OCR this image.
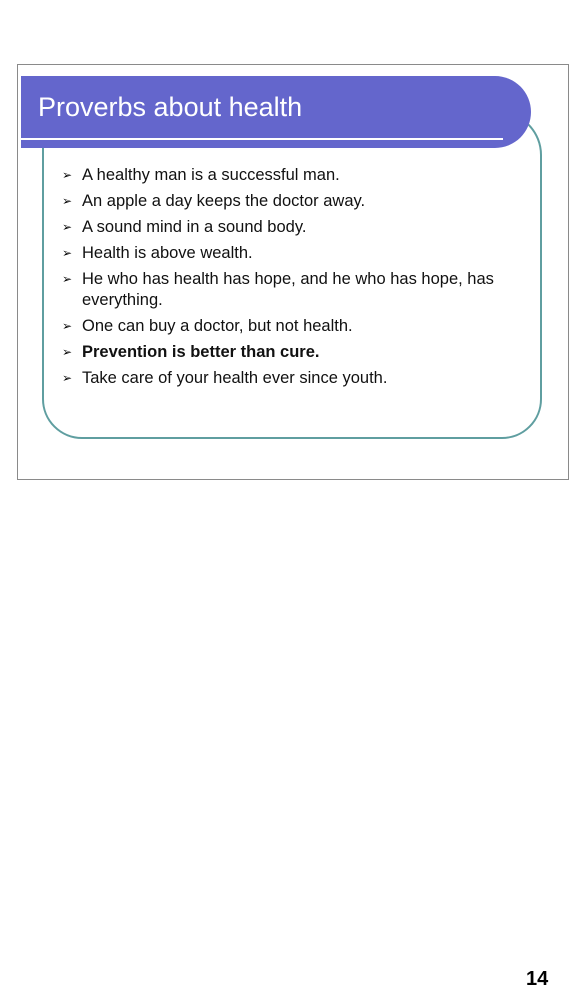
Proverbs about health
➢ A healthy man is a successful man.
➢ An apple a day keeps the doctor away.
➢ A sound mind in a sound body.
➢ Health is above wealth.
➢ He who has health has hope, and he who has hope, has everything.
➢ One can buy a doctor, but not health.
➢ Prevention is better than cure.
➢ Take care of your health ever since youth.
14
